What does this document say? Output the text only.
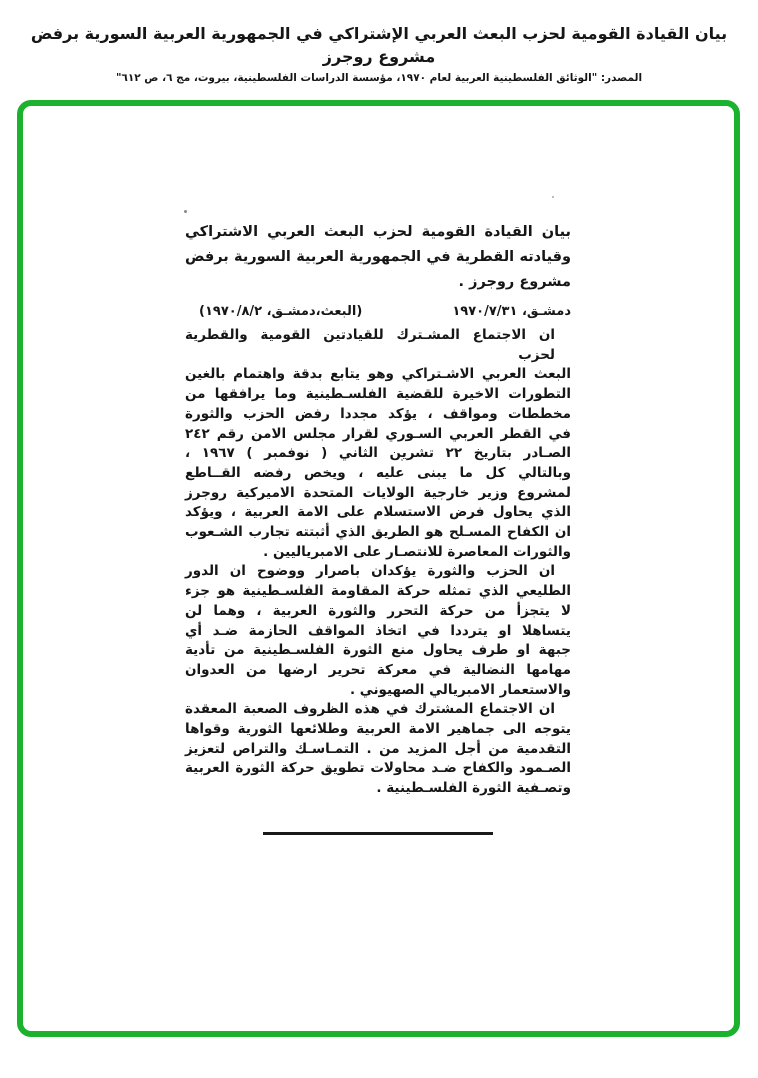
بيان القيادة القومية لحزب البعث العربي الإشتراكي في الجمهورية العربية السورية برفض مشروع روجرز
المصدر: "الوثائق الفلسطينية العربية لعام ١٩٧٠، مؤسسة الدراسات الفلسطينية، بيروت، مج ٦، ص ٦١٢"
بيان القيادة القومية لحزب البعث العربي الاشتراكي
وقيادته القطرية في الجمهورية العربية السورية برفض
مشروع روجرز .
دمشـق، ١٩٧٠/٧/٣١
(البعث،دمشـق، ١٩٧٠/٨/٢)
ان الاجتماع المشـترك للقيادتين القومية والقطرية لحزب
البعث العربي الاشـتراكي وهو يتابع بدقة واهتمام بالغين
التطورات الاخيرة للقضية الفلسـطينية وما يرافقها من
مخططات ومواقف ، يؤكد مجددا رفض الحزب والثورة
في القطر العربي السـوري لقرار مجلس الامن رقم ٢٤٢
الصـادر بتاريخ ٢٢ تشرين الثاني ( نوفمبر ) ١٩٦٧ ،
وبالتالي كل ما يبنى عليه ، ويخص رفضه القــاطع
لمشروع وزير خارجية الولايات المتحدة الاميركية روجرز
الذي يحاول فرض الاستسلام على الامة العربية ، ويؤكد
ان الكفاح المسـلح هو الطريق الذي أثبتته تجارب الشـعوب
والثورات المعاصرة للانتصـار على الامبرياليين .
ان الحزب والثورة يؤكدان باصرار ووضوح ان الدور
الطليعي الذي تمثله حركة المقاومة الفلسـطينية هو جزء
لا يتجزأ من حركة التحرر والثورة العربية ، وهما لن
يتساهلا او يترددا في اتخاذ المواقف الحازمة ضـد أي
جبهة او طرف يحاول منع الثورة الفلسـطينية من تأدية
مهامها النضالية في معركة تحرير ارضها من العدوان
والاستعمار الامبريالي الصهيوني .
ان الاجتماع المشترك في هذه الظروف الصعبة المعقدة
يتوجه الى جماهير الامة العربية وطلائعها الثورية وقواها
التقدمية من أجل المزيد من . التمـاسـك والتراص لتعزيز
الصـمود والكفاح ضـد محاولات تطويق حركة الثورة العربية
وتصـفية الثورة الفلسـطينية .
